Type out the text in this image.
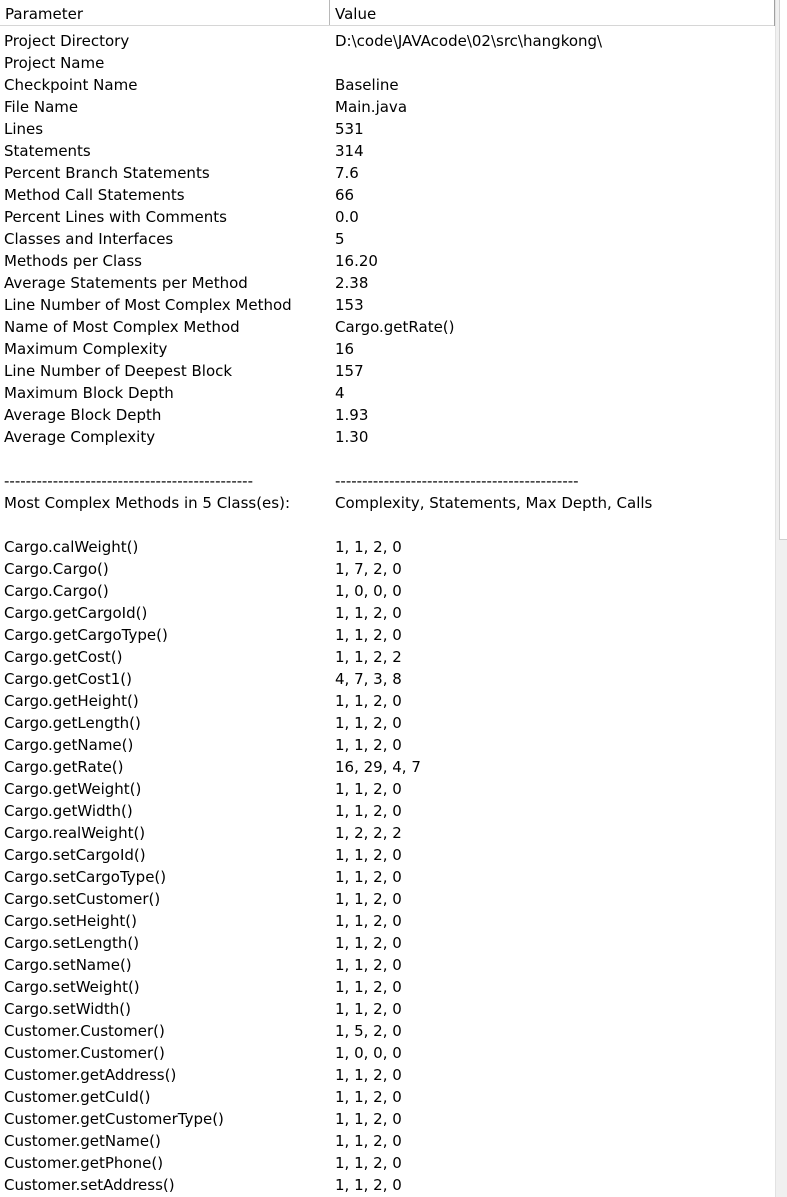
Parameter	Value
Project Directory	D:\code\JAVAcode\02\src\hangkong\
Project Name
Checkpoint Name	Baseline
File Name	Main.java
Lines	531
Statements	314
Percent Branch Statements	7.6
Method Call Statements	66
Percent Lines with Comments	0.0
Classes and Interfaces	5
Methods per Class	16.20
Average Statements per Method	2.38
Line Number of Most Complex Method	153
Name of Most Complex Method	Cargo.getRate()
Maximum Complexity	16
Line Number of Deepest Block	157
Maximum Block Depth	4
Average Block Depth	1.93
Average Complexity	1.30
----------------------------------------------	---------------------------------------------
Most Complex Methods in 5 Class(es):	Complexity, Statements, Max Depth, Calls
Cargo.calWeight()	1, 1, 2, 0
Cargo.Cargo()	1, 7, 2, 0
Cargo.Cargo()	1, 0, 0, 0
Cargo.getCargoId()	1, 1, 2, 0
Cargo.getCargoType()	1, 1, 2, 0
Cargo.getCost()	1, 1, 2, 2
Cargo.getCost1()	4, 7, 3, 8
Cargo.getHeight()	1, 1, 2, 0
Cargo.getLength()	1, 1, 2, 0
Cargo.getName()	1, 1, 2, 0
Cargo.getRate()	16, 29, 4, 7
Cargo.getWeight()	1, 1, 2, 0
Cargo.getWidth()	1, 1, 2, 0
Cargo.realWeight()	1, 2, 2, 2
Cargo.setCargoId()	1, 1, 2, 0
Cargo.setCargoType()	1, 1, 2, 0
Cargo.setCustomer()	1, 1, 2, 0
Cargo.setHeight()	1, 1, 2, 0
Cargo.setLength()	1, 1, 2, 0
Cargo.setName()	1, 1, 2, 0
Cargo.setWeight()	1, 1, 2, 0
Cargo.setWidth()	1, 1, 2, 0
Customer.Customer()	1, 5, 2, 0
Customer.Customer()	1, 0, 0, 0
Customer.getAddress()	1, 1, 2, 0
Customer.getCuId()	1, 1, 2, 0
Customer.getCustomerType()	1, 1, 2, 0
Customer.getName()	1, 1, 2, 0
Customer.getPhone()	1, 1, 2, 0
Customer.setAddress()	1, 1, 2, 0
